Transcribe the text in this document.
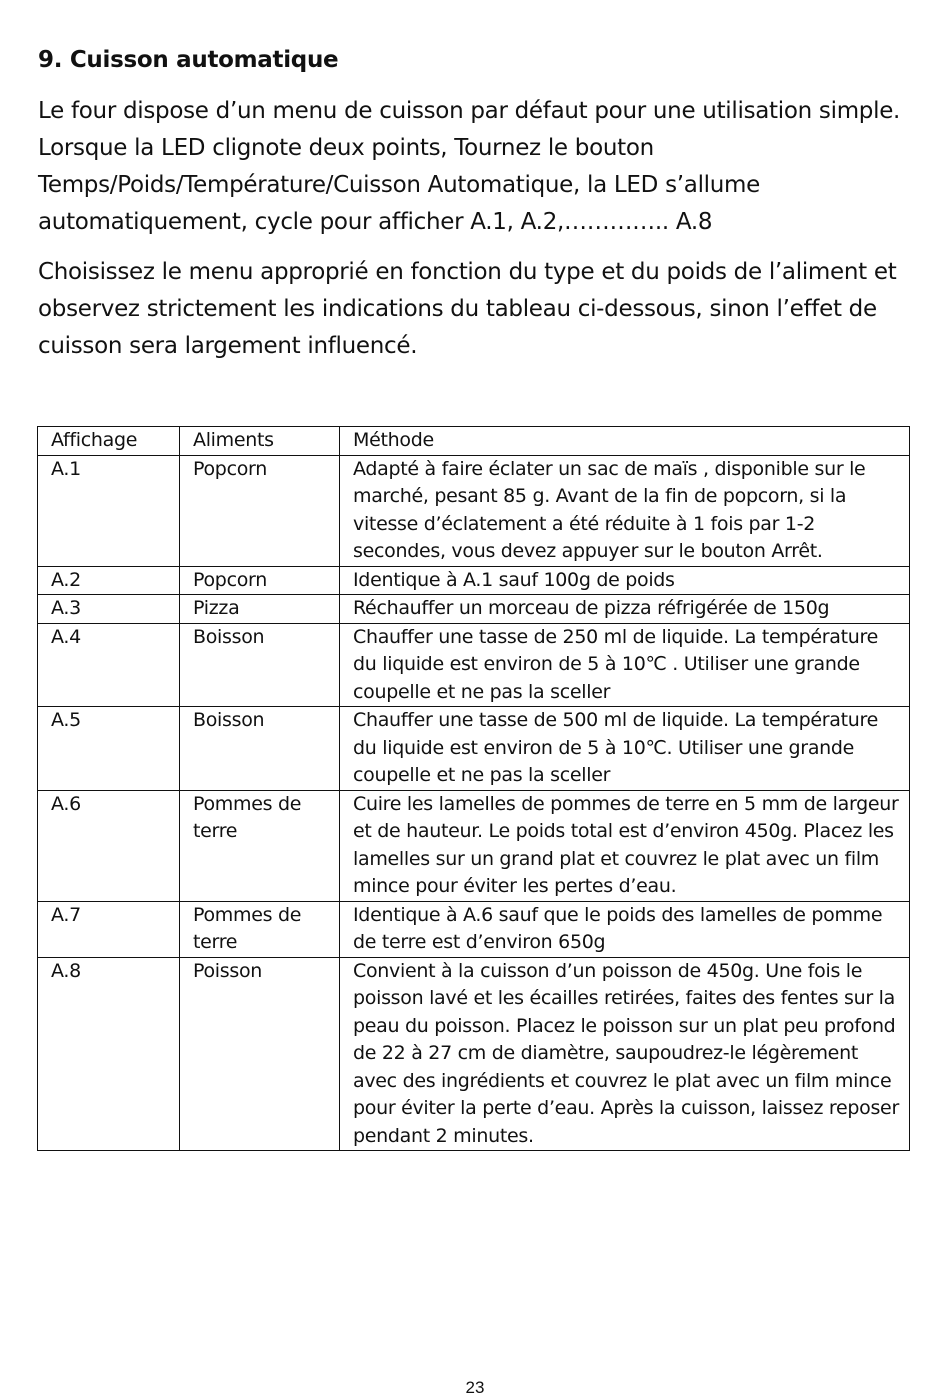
9. Cuisson automatique

Le four dispose d’un menu de cuisson par défaut pour une utilisation simple. Lorsque la LED clignote deux points, Tournez le bouton Temps/Poids/Température/Cuisson Automatique, la LED s’allume automatiquement, cycle pour afficher A.1, A.2,………….. A.8

Choisissez le menu approprié en fonction du type et du poids de l’aliment et observez strictement les indications du tableau ci-dessous, sinon l’effet de cuisson sera largement influencé.

Affichage	Aliments	Méthode
A.1	Popcorn	Adapté à faire éclater un sac de maïs , disponible sur le marché, pesant 85 g. Avant de la fin de popcorn, si la vitesse d’éclatement a été réduite à 1 fois par 1-2 secondes, vous devez appuyer sur le bouton Arrêt.
A.2	Popcorn	Identique à A.1 sauf 100g de poids
A.3	Pizza	Réchauffer un morceau de pizza réfrigérée de 150g
A.4	Boisson	Chauffer une tasse de 250 ml de liquide. La température du liquide est environ de 5 à 10℃ . Utiliser une grande coupelle et ne pas la sceller
A.5	Boisson	Chauffer une tasse de 500 ml de liquide. La température du liquide est environ de 5 à 10℃. Utiliser une grande coupelle et ne pas la sceller
A.6	Pommes de terre	Cuire les lamelles de pommes de terre en 5 mm de largeur et de hauteur. Le poids total est d’environ 450g. Placez les lamelles sur un grand plat et couvrez le plat avec un film mince pour éviter les pertes d’eau.
A.7	Pommes de terre	Identique à A.6 sauf que le poids des lamelles de pomme de terre est d’environ 650g
A.8	Poisson	Convient à la cuisson d’un poisson de 450g. Une fois le poisson lavé et les écailles retirées, faites des fentes sur la peau du poisson. Placez le poisson sur un plat peu profond de 22 à 27 cm de diamètre, saupoudrez-le légèrement avec des ingrédients et couvrez le plat avec un film mince pour éviter la perte d’eau. Après la cuisson, laissez reposer pendant 2 minutes.
23
